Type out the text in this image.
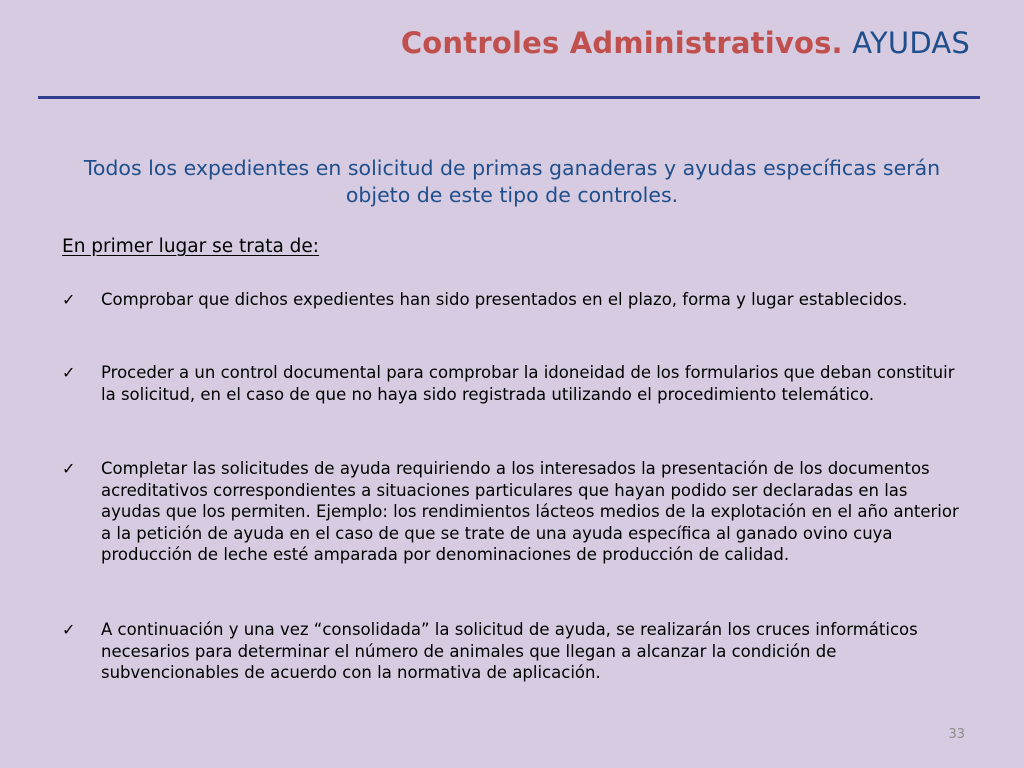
Controles Administrativos. AYUDAS
Todos los expedientes en solicitud de primas ganaderas y ayudas específicas serán objeto de este tipo de controles.
En primer lugar se trata de:
✓ Comprobar que dichos expedientes han sido presentados en el plazo, forma y lugar establecidos.
✓ Proceder a un control documental para comprobar la idoneidad de los formularios que deban constituir la solicitud, en el caso de que no haya sido registrada utilizando el procedimiento telemático.
✓ Completar las solicitudes de ayuda requiriendo a los interesados la presentación de los documentos acreditativos correspondientes a situaciones particulares que hayan podido ser declaradas en las ayudas que los permiten. Ejemplo: los rendimientos lácteos medios de la explotación en el año anterior a la petición de ayuda en el caso de que se trate de una ayuda específica al ganado ovino cuya producción de leche esté amparada por denominaciones de producción de calidad.
✓ A continuación y una vez “consolidada” la solicitud de ayuda, se realizarán los cruces informáticos necesarios para determinar el número de animales que llegan a alcanzar la condición de subvencionables de acuerdo con la normativa de aplicación.
33
